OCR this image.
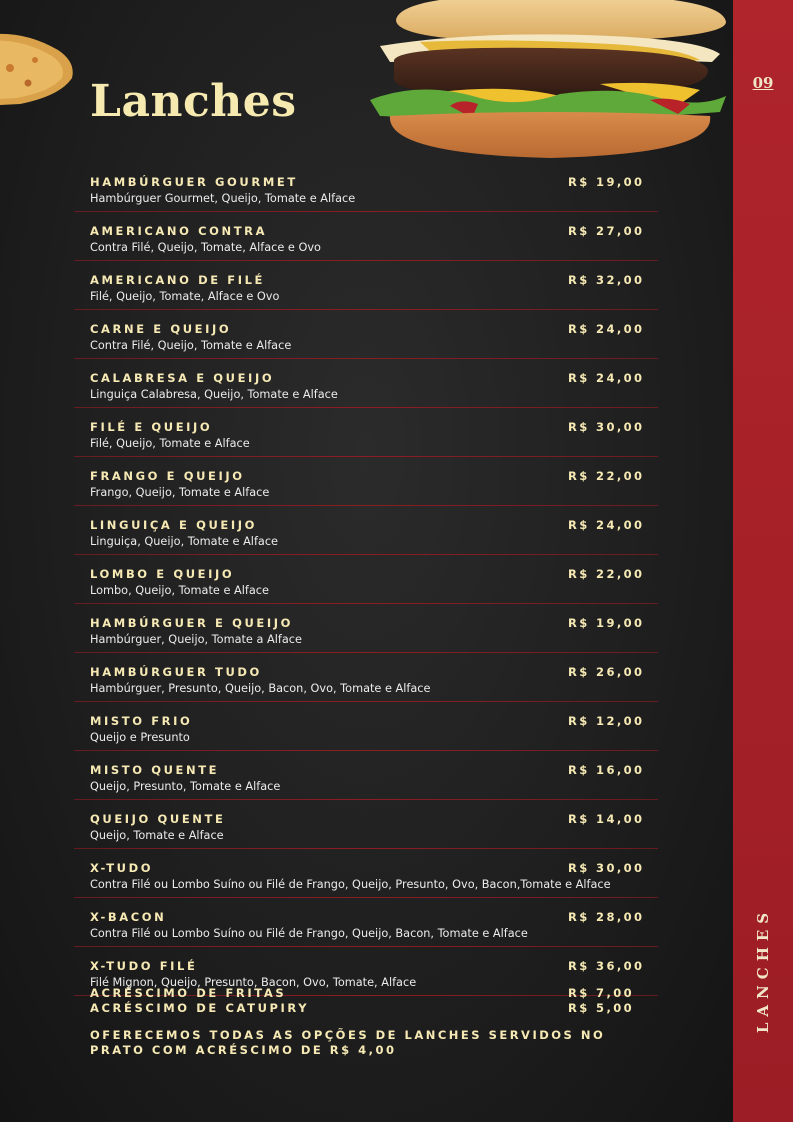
Lanches
HAMBÚRGUER GOURMET
Hambúrguer Gourmet, Queijo, Tomate e Alface
R$ 19,00
AMERICANO CONTRA
Contra Filé, Queijo, Tomate, Alface e Ovo
R$ 27,00
AMERICANO DE FILÉ
Filé, Queijo, Tomate, Alface e Ovo
R$ 32,00
CARNE E QUEIJO
Contra Filé, Queijo, Tomate e Alface
R$ 24,00
CALABRESA E QUEIJO
Linguiça Calabresa, Queijo, Tomate e Alface
R$ 24,00
FILÉ E QUEIJO
Filé, Queijo, Tomate e Alface
R$ 30,00
FRANGO E QUEIJO
Frango, Queijo, Tomate e Alface
R$ 22,00
LINGUIÇA E QUEIJO
Linguiça, Queijo, Tomate e Alface
R$ 24,00
LOMBO E QUEIJO
Lombo, Queijo, Tomate e Alface
R$ 22,00
HAMBÚRGUER E QUEIJO
Hambúrguer, Queijo, Tomate a Alface
R$ 19,00
HAMBÚRGUER TUDO
Hambúrguer, Presunto, Queijo, Bacon, Ovo, Tomate e Alface
R$ 26,00
MISTO FRIO
Queijo e Presunto
R$ 12,00
MISTO QUENTE
Queijo, Presunto, Tomate e Alface
R$ 16,00
QUEIJO QUENTE
Queijo, Tomate e Alface
R$ 14,00
X-TUDO
Contra Filé ou Lombo Suíno ou Filé de Frango, Queijo, Presunto, Ovo, Bacon,Tomate e Alface
R$ 30,00
X-BACON
Contra Filé ou Lombo Suíno ou Filé de Frango, Queijo, Bacon, Tomate e Alface
R$ 28,00
X-TUDO FILÉ
Filé Mignon, Queijo, Presunto, Bacon, Ovo, Tomate, Alface
R$ 36,00
ACRÉSCIMO DE FRITAS	R$ 7,00
ACRÉSCIMO DE CATUPIRY	R$ 5,00
OFERECEMOS TODAS AS OPÇÕES DE LANCHES SERVIDOS NO PRATO COM ACRÉSCIMO DE R$ 4,00
09
LANCHES
